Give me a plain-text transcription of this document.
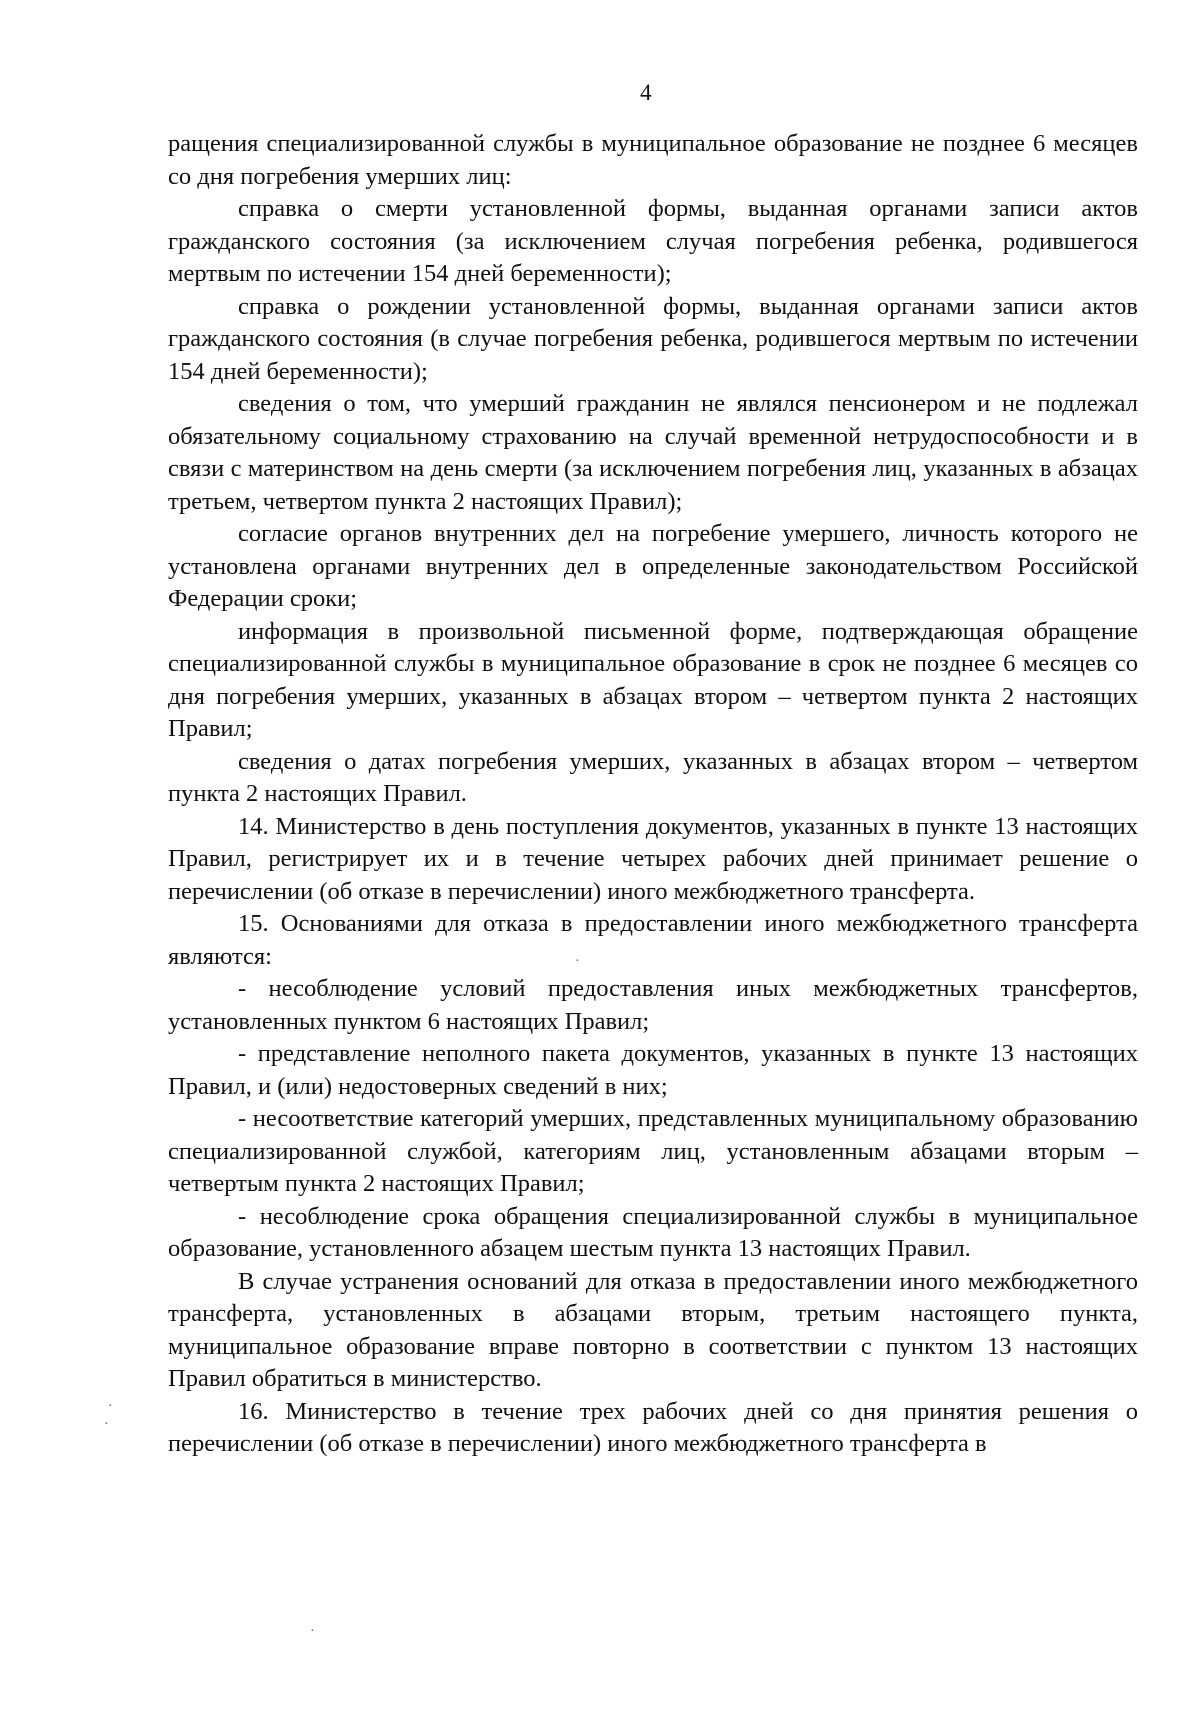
4

ращения специализированной службы в муниципальное образование не позднее 6 месяцев со дня погребения умерших лиц:

справка о смерти установленной формы, выданная органами записи актов гражданского состояния (за исключением случая погребения ребенка, родившегося мертвым по истечении 154 дней беременности);

справка о рождении установленной формы, выданная органами записи актов гражданского состояния (в случае погребения ребенка, родившегося мертвым по истечении 154 дней беременности);

сведения о том, что умерший гражданин не являлся пенсионером и не подлежал обязательному социальному страхованию на случай временной нетрудоспособности и в связи с материнством на день смерти (за исключением погребения лиц, указанных в абзацах третьем, четвертом пункта 2 настоящих Правил);

согласие органов внутренних дел на погребение умершего, личность которого не установлена органами внутренних дел в определенные законодательством Российской Федерации сроки;

информация в произвольной письменной форме, подтверждающая обращение специализированной службы в муниципальное образование в срок не позднее 6 месяцев со дня погребения умерших, указанных в абзацах втором – четвертом пункта 2 настоящих Правил;

сведения о датах погребения умерших, указанных в абзацах втором – четвертом пункта 2 настоящих Правил.

14. Министерство в день поступления документов, указанных в пункте 13 настоящих Правил, регистрирует их и в течение четырех рабочих дней принимает решение о перечислении (об отказе в перечислении) иного межбюджетного трансферта.

15. Основаниями для отказа в предоставлении иного межбюджетного трансферта являются:

- несоблюдение условий предоставления иных межбюджетных трансфертов, установленных пунктом 6 настоящих Правил;

- представление неполного пакета документов, указанных в пункте 13 настоящих Правил, и (или) недостоверных сведений в них;

- несоответствие категорий умерших, представленных муниципальному образованию специализированной службой, категориям лиц, установленным абзацами вторым – четвертым пункта 2 настоящих Правил;

- несоблюдение срока обращения специализированной службы в муниципальное образование, установленного абзацем шестым пункта 13 настоящих Правил.

В случае устранения оснований для отказа в предоставлении иного межбюджетного трансферта, установленных в абзацами вторым, третьим настоящего пункта, муниципальное образование вправе повторно в соответствии с пунктом 13 настоящих Правил обратиться в министерство.

16. Министерство в течение трех рабочих дней со дня принятия решения о перечислении (об отказе в перечислении) иного межбюджетного трансферта в

·
·
·
·
